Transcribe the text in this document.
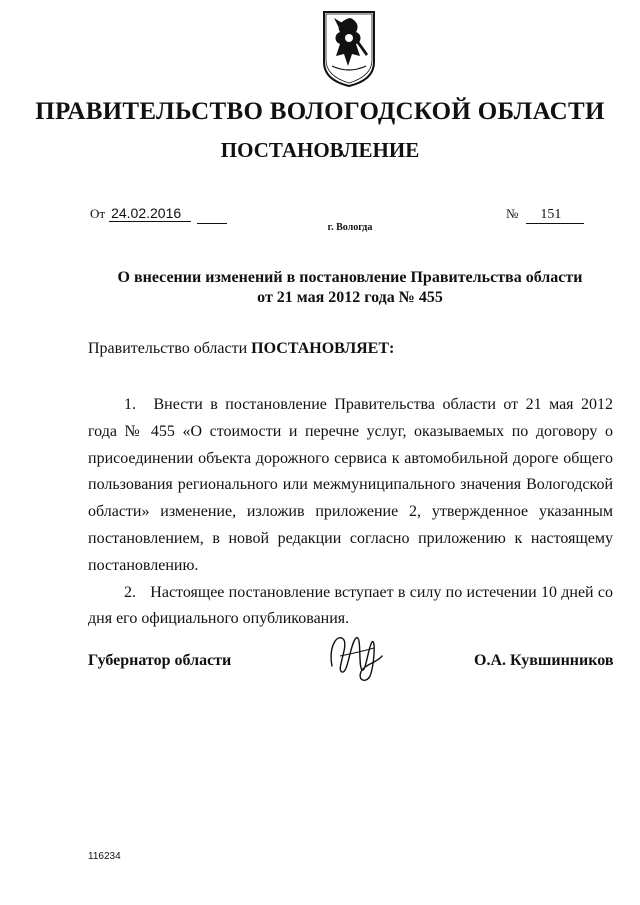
ПРАВИТЕЛЬСТВО ВОЛОГОДСКОЙ ОБЛАСТИ
ПОСТАНОВЛЕНИЕ
От 24.02.2016	№ 151
г. Вологда
О внесении изменений в постановление Правительства области
от 21 мая 2012 года № 455
Правительство области ПОСТАНОВЛЯЕТ:

1. Внести в постановление Правительства области от 21 мая 2012 года № 455 «О стоимости и перечне услуг, оказываемых по договору о присоединении объекта дорожного сервиса к автомобильной дороге общего пользования регионального или межмуниципального значения Вологодской области» изменение, изложив приложение 2, утвержденное указанным постановлением, в новой редакции согласно приложению к настоящему постановлению.

2. Настоящее постановление вступает в силу по истечении 10 дней со дня его официального опубликования.

Губернатор области	О.А. Кувшинников
116234
